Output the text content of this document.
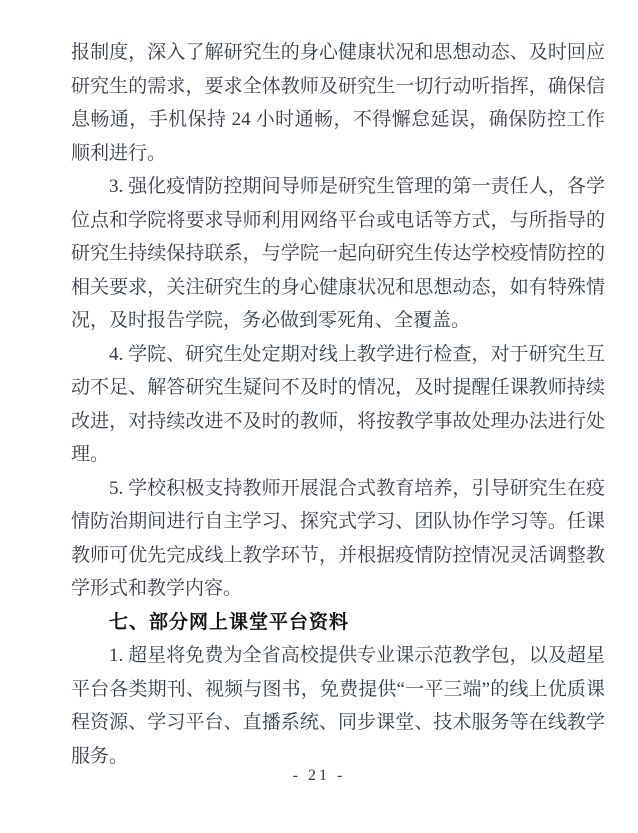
报制度，深入了解研究生的身心健康状况和思想动态、及时回应研究生的需求，要求全体教师及研究生一切行动听指挥，确保信息畅通，手机保持 24 小时通畅，不得懈怠延误，确保防控工作顺利进行。

3. 强化疫情防控期间导师是研究生管理的第一责任人，各学位点和学院将要求导师利用网络平台或电话等方式，与所指导的研究生持续保持联系，与学院一起向研究生传达学校疫情防控的相关要求，关注研究生的身心健康状况和思想动态，如有特殊情况，及时报告学院，务必做到零死角、全覆盖。

4. 学院、研究生处定期对线上教学进行检查，对于研究生互动不足、解答研究生疑问不及时的情况，及时提醒任课教师持续改进，对持续改进不及时的教师，将按教学事故处理办法进行处理。

5. 学校积极支持教师开展混合式教育培养，引导研究生在疫情防治期间进行自主学习、探究式学习、团队协作学习等。任课教师可优先完成线上教学环节，并根据疫情防控情况灵活调整教学形式和教学内容。

七、部分网上课堂平台资料

1. 超星将免费为全省高校提供专业课示范教学包，以及超星平台各类期刊、视频与图书，免费提供“一平三端”的线上优质课程资源、学习平台、直播系统、同步课堂、技术服务等在线教学服务。

- 21 -
